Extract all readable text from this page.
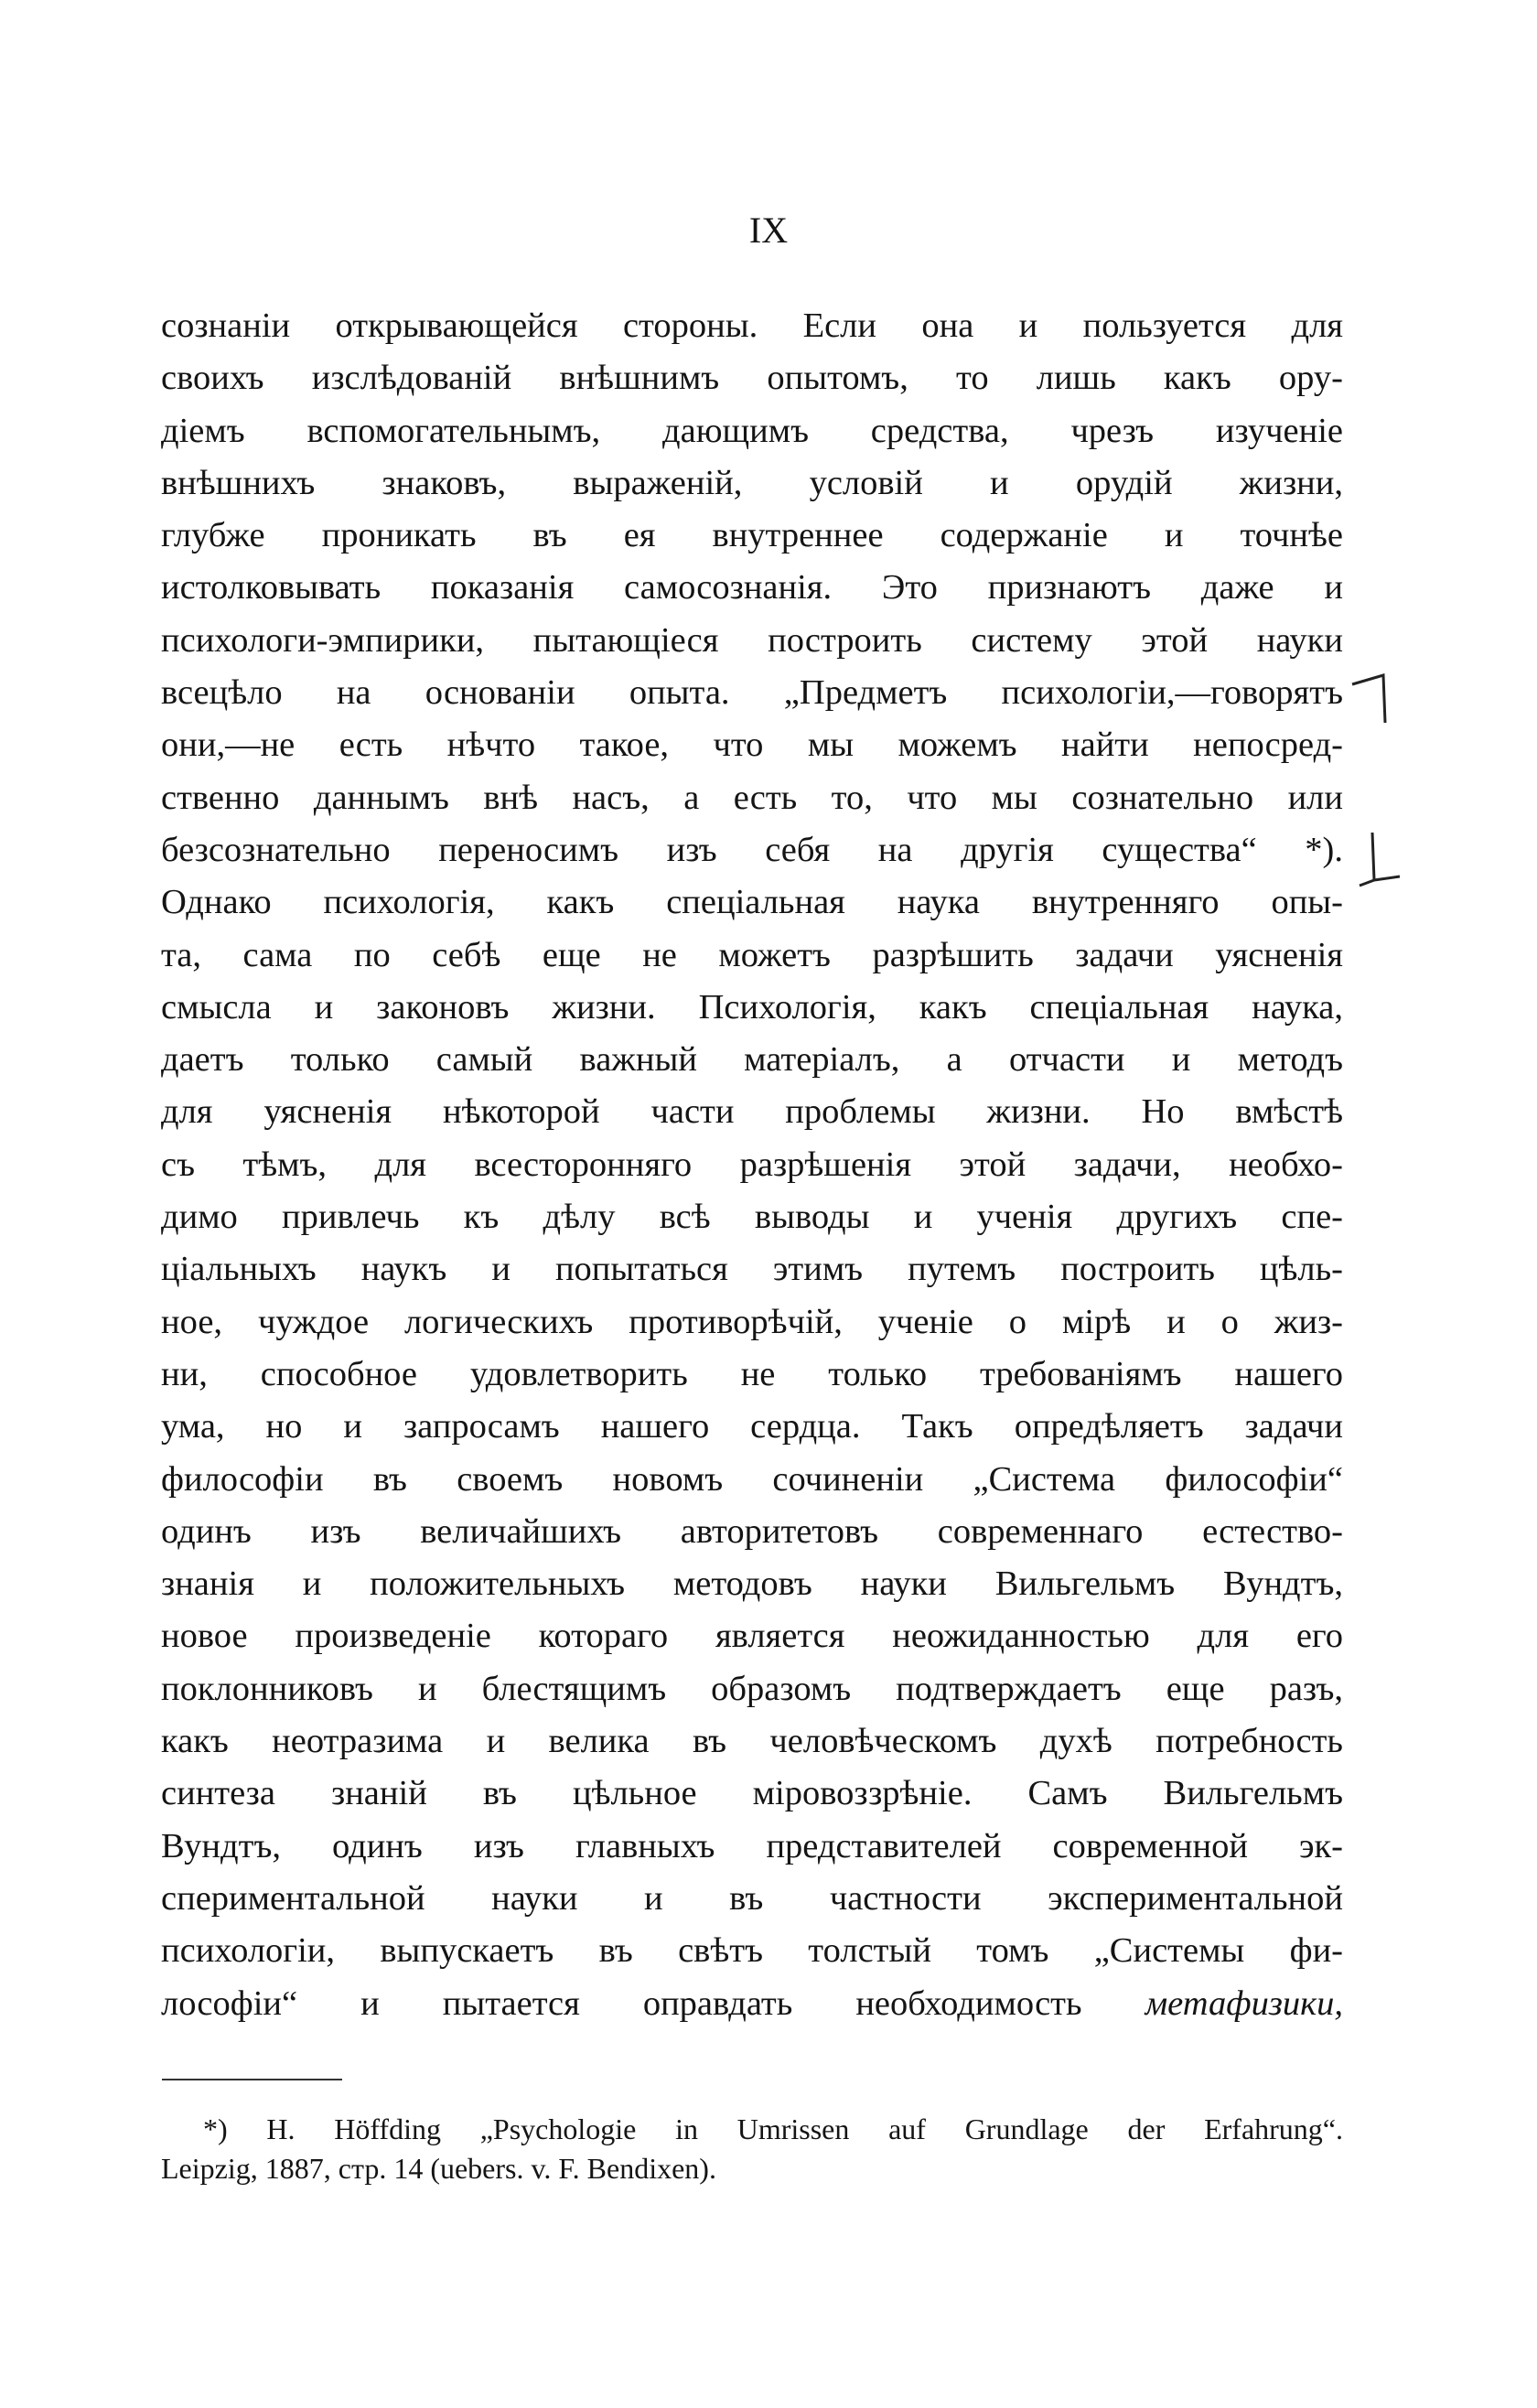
IX
сознаніи открывающейся стороны. Если она и пользуется для
своихъ изслѣдованій внѣшнимъ опытомъ, то лишь какъ ору-
діемъ вспомогательнымъ, дающимъ средства, чрезъ изученіе
внѣшнихъ знаковъ, выраженій, условій и орудій жизни,
глубже проникать въ ея внутреннее содержаніе и точнѣе
истолковывать показанія самосознанія. Это признаютъ даже и
психологи-эмпирики, пытающіеся построить систему этой науки
всецѣло на основаніи опыта. „Предметъ психологіи,—говорятъ
они,—не есть нѣчто такое, что мы можемъ найти непосред-
ственно даннымъ внѣ насъ, а есть то, что мы сознательно или
безсознательно переносимъ изъ себя на другія существа“ *).
Однако психологія, какъ спеціальная наука внутренняго опы-
та, сама по себѣ еще не можетъ разрѣшить задачи уясненія
смысла и законовъ жизни. Психологія, какъ спеціальная наука,
даетъ только самый важный матеріалъ, а отчасти и методъ
для уясненія нѣкоторой части проблемы жизни. Но вмѣстѣ
съ тѣмъ, для всесторонняго разрѣшенія этой задачи, необхо-
димо привлечь къ дѣлу всѣ выводы и ученія другихъ спе-
ціальныхъ наукъ и попытаться этимъ путемъ построить цѣль-
ное, чуждое логическихъ противорѣчій, ученіе о мірѣ и о жиз-
ни, способное удовлетворить не только требованіямъ нашего
ума, но и запросамъ нашего сердца. Такъ опредѣляетъ задачи
философіи въ своемъ новомъ сочиненіи „Система философіи“
одинъ изъ величайшихъ авторитетовъ современнаго естество-
знанія и положительныхъ методовъ науки Вильгельмъ Вундтъ,
новое произведеніе котораго является неожиданностью для его
поклонниковъ и блестящимъ образомъ подтверждаетъ еще разъ,
какъ неотразима и велика въ человѣческомъ духѣ потребность
синтеза знаній въ цѣльное міровоззрѣніе. Самъ Вильгельмъ
Вундтъ, одинъ изъ главныхъ представителей современной эк-
спериментальной науки и въ частности экспериментальной
психологіи, выпускаетъ въ свѣтъ толстый томъ „Системы фи-
лософіи“ и пытается оправдать необходимость метафизики,
*) H. Höffding „Psychologie in Umrissen auf Grundlage der Erfahrung“.
Leipzig, 1887, стр. 14 (uebers. v. F. Bendixen).
